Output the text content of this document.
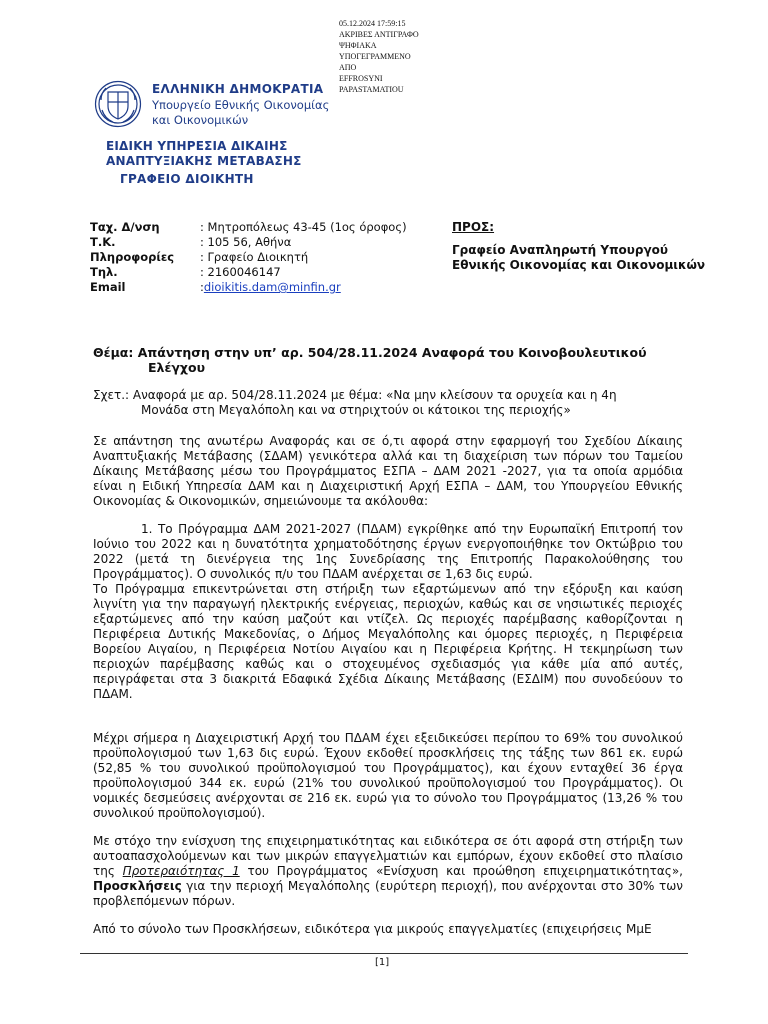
05.12.2024 17:59:15
ΑΚΡΙΒΕΣ ΑΝΤΙΓΡΑΦΟ
ΨΗΦΙΑΚΑ
ΥΠΟΓΕΓΡΑΜΜΕΝΟ
ΑΠΟ
EFFROSYNI
PAPASTAMATIOU
ΕΛΛΗΝΙΚΗ ΔΗΜΟΚΡΑΤΙΑ
Υπουργείο Εθνικής Οικονομίας
και Οικονομικών
ΕΙΔΙΚΗ ΥΠΗΡΕΣΙΑ ΔΙΚΑΙΗΣ
ΑΝΑΠΤΥΞΙΑΚΗΣ ΜΕΤΑΒΑΣΗΣ
ΓΡΑΦΕΙΟ ΔΙΟΙΚΗΤΗ
Ταχ. Δ/νση	: Μητροπόλεως 43-45 (1ος όροφος)
Τ.Κ.	: 105 56, Αθήνα
Πληροφορίες	: Γραφείο Διοικητή
Τηλ.	: 2160046147
Email	: dioikitis.dam@minfin.gr
ΠΡΟΣ:
Γραφείο Αναπληρωτή Υπουργού
Εθνικής Οικονομίας και Οικονομικών
Θέμα: Απάντηση στην υπ’ αρ. 504/28.11.2024 Αναφορά του Κοινοβουλευτικού
Ελέγχου
Σχετ.: Αναφορά με αρ. 504/28.11.2024 με θέμα: «Να μην κλείσουν τα ορυχεία και η 4η
Μονάδα στη Μεγαλόπολη και να στηριχτούν οι κάτοικοι της περιοχής»
Σε απάντηση της ανωτέρω Αναφοράς και σε ό,τι αφορά στην εφαρμογή του Σχεδίου Δίκαιης Αναπτυξιακής Μετάβασης (ΣΔΑΜ) γενικότερα αλλά και τη διαχείριση των πόρων του Ταμείου Δίκαιης Μετάβασης μέσω του Προγράμματος ΕΣΠΑ – ΔΑΜ 2021 -2027, για τα οποία αρμόδια είναι η Ειδική Υπηρεσία ΔΑΜ και η Διαχειριστική Αρχή ΕΣΠΑ – ΔΑΜ, του Υπουργείου Εθνικής Οικονομίας & Οικονομικών, σημειώνουμε τα ακόλουθα:
1. Το Πρόγραμμα ΔΑΜ 2021-2027 (ΠΔΑΜ) εγκρίθηκε από την Ευρωπαϊκή Επιτροπή τον Ιούνιο του 2022 και η δυνατότητα χρηματοδότησης έργων ενεργοποιήθηκε τον Οκτώβριο του 2022 (μετά τη διενέργεια της 1ης Συνεδρίασης της Επιτροπής Παρακολούθησης του Προγράμματος). Ο συνολικός π/υ του ΠΔΑΜ ανέρχεται σε 1,63 δις ευρώ.
Το Πρόγραμμα επικεντρώνεται στη στήριξη των εξαρτώμενων από την εξόρυξη και καύση λιγνίτη για την παραγωγή ηλεκτρικής ενέργειας, περιοχών, καθώς και σε νησιωτικές περιοχές εξαρτώμενες από την καύση μαζούτ και ντίζελ. Ως περιοχές παρέμβασης καθορίζονται η Περιφέρεια Δυτικής Μακεδονίας, ο Δήμος Μεγαλόπολης και όμορες περιοχές, η Περιφέρεια Βορείου Αιγαίου, η Περιφέρεια Νοτίου Αιγαίου και η Περιφέρεια Κρήτης. Η τεκμηρίωση των περιοχών παρέμβασης καθώς και ο στοχευμένος σχεδιασμός για κάθε μία από αυτές, περιγράφεται στα 3 διακριτά Εδαφικά Σχέδια Δίκαιης Μετάβασης (ΕΣΔΙΜ) που συνοδεύουν το ΠΔΑΜ.
Μέχρι σήμερα η Διαχειριστική Αρχή του ΠΔΑΜ έχει εξειδικεύσει περίπου το 69% του συνολικού προϋπολογισμού των 1,63 δις ευρώ. Έχουν εκδοθεί προσκλήσεις της τάξης των 861 εκ. ευρώ (52,85 % του συνολικού προϋπολογισμού του Προγράμματος), και έχουν ενταχθεί 36 έργα προϋπολογισμού 344 εκ. ευρώ (21% του συνολικού προϋπολογισμού του Προγράμματος). Οι νομικές δεσμεύσεις ανέρχονται σε 216 εκ. ευρώ για το σύνολο του Προγράμματος (13,26 % του συνολικού προϋπολογισμού).
Με στόχο την ενίσχυση της επιχειρηματικότητας και ειδικότερα σε ότι αφορά στη στήριξη των αυτοαπασχολούμενων και των μικρών επαγγελματιών και εμπόρων, έχουν εκδοθεί στο πλαίσιο της Προτεραιότητας 1 του Προγράμματος «Ενίσχυση και προώθηση επιχειρηματικότητας», Προσκλήσεις για την περιοχή Μεγαλόπολης (ευρύτερη περιοχή), που ανέρχονται στο 30% των προβλεπόμενων πόρων.
Από το σύνολο των Προσκλήσεων, ειδικότερα για μικρούς επαγγελματίες (επιχειρήσεις ΜμΕ
[1]
